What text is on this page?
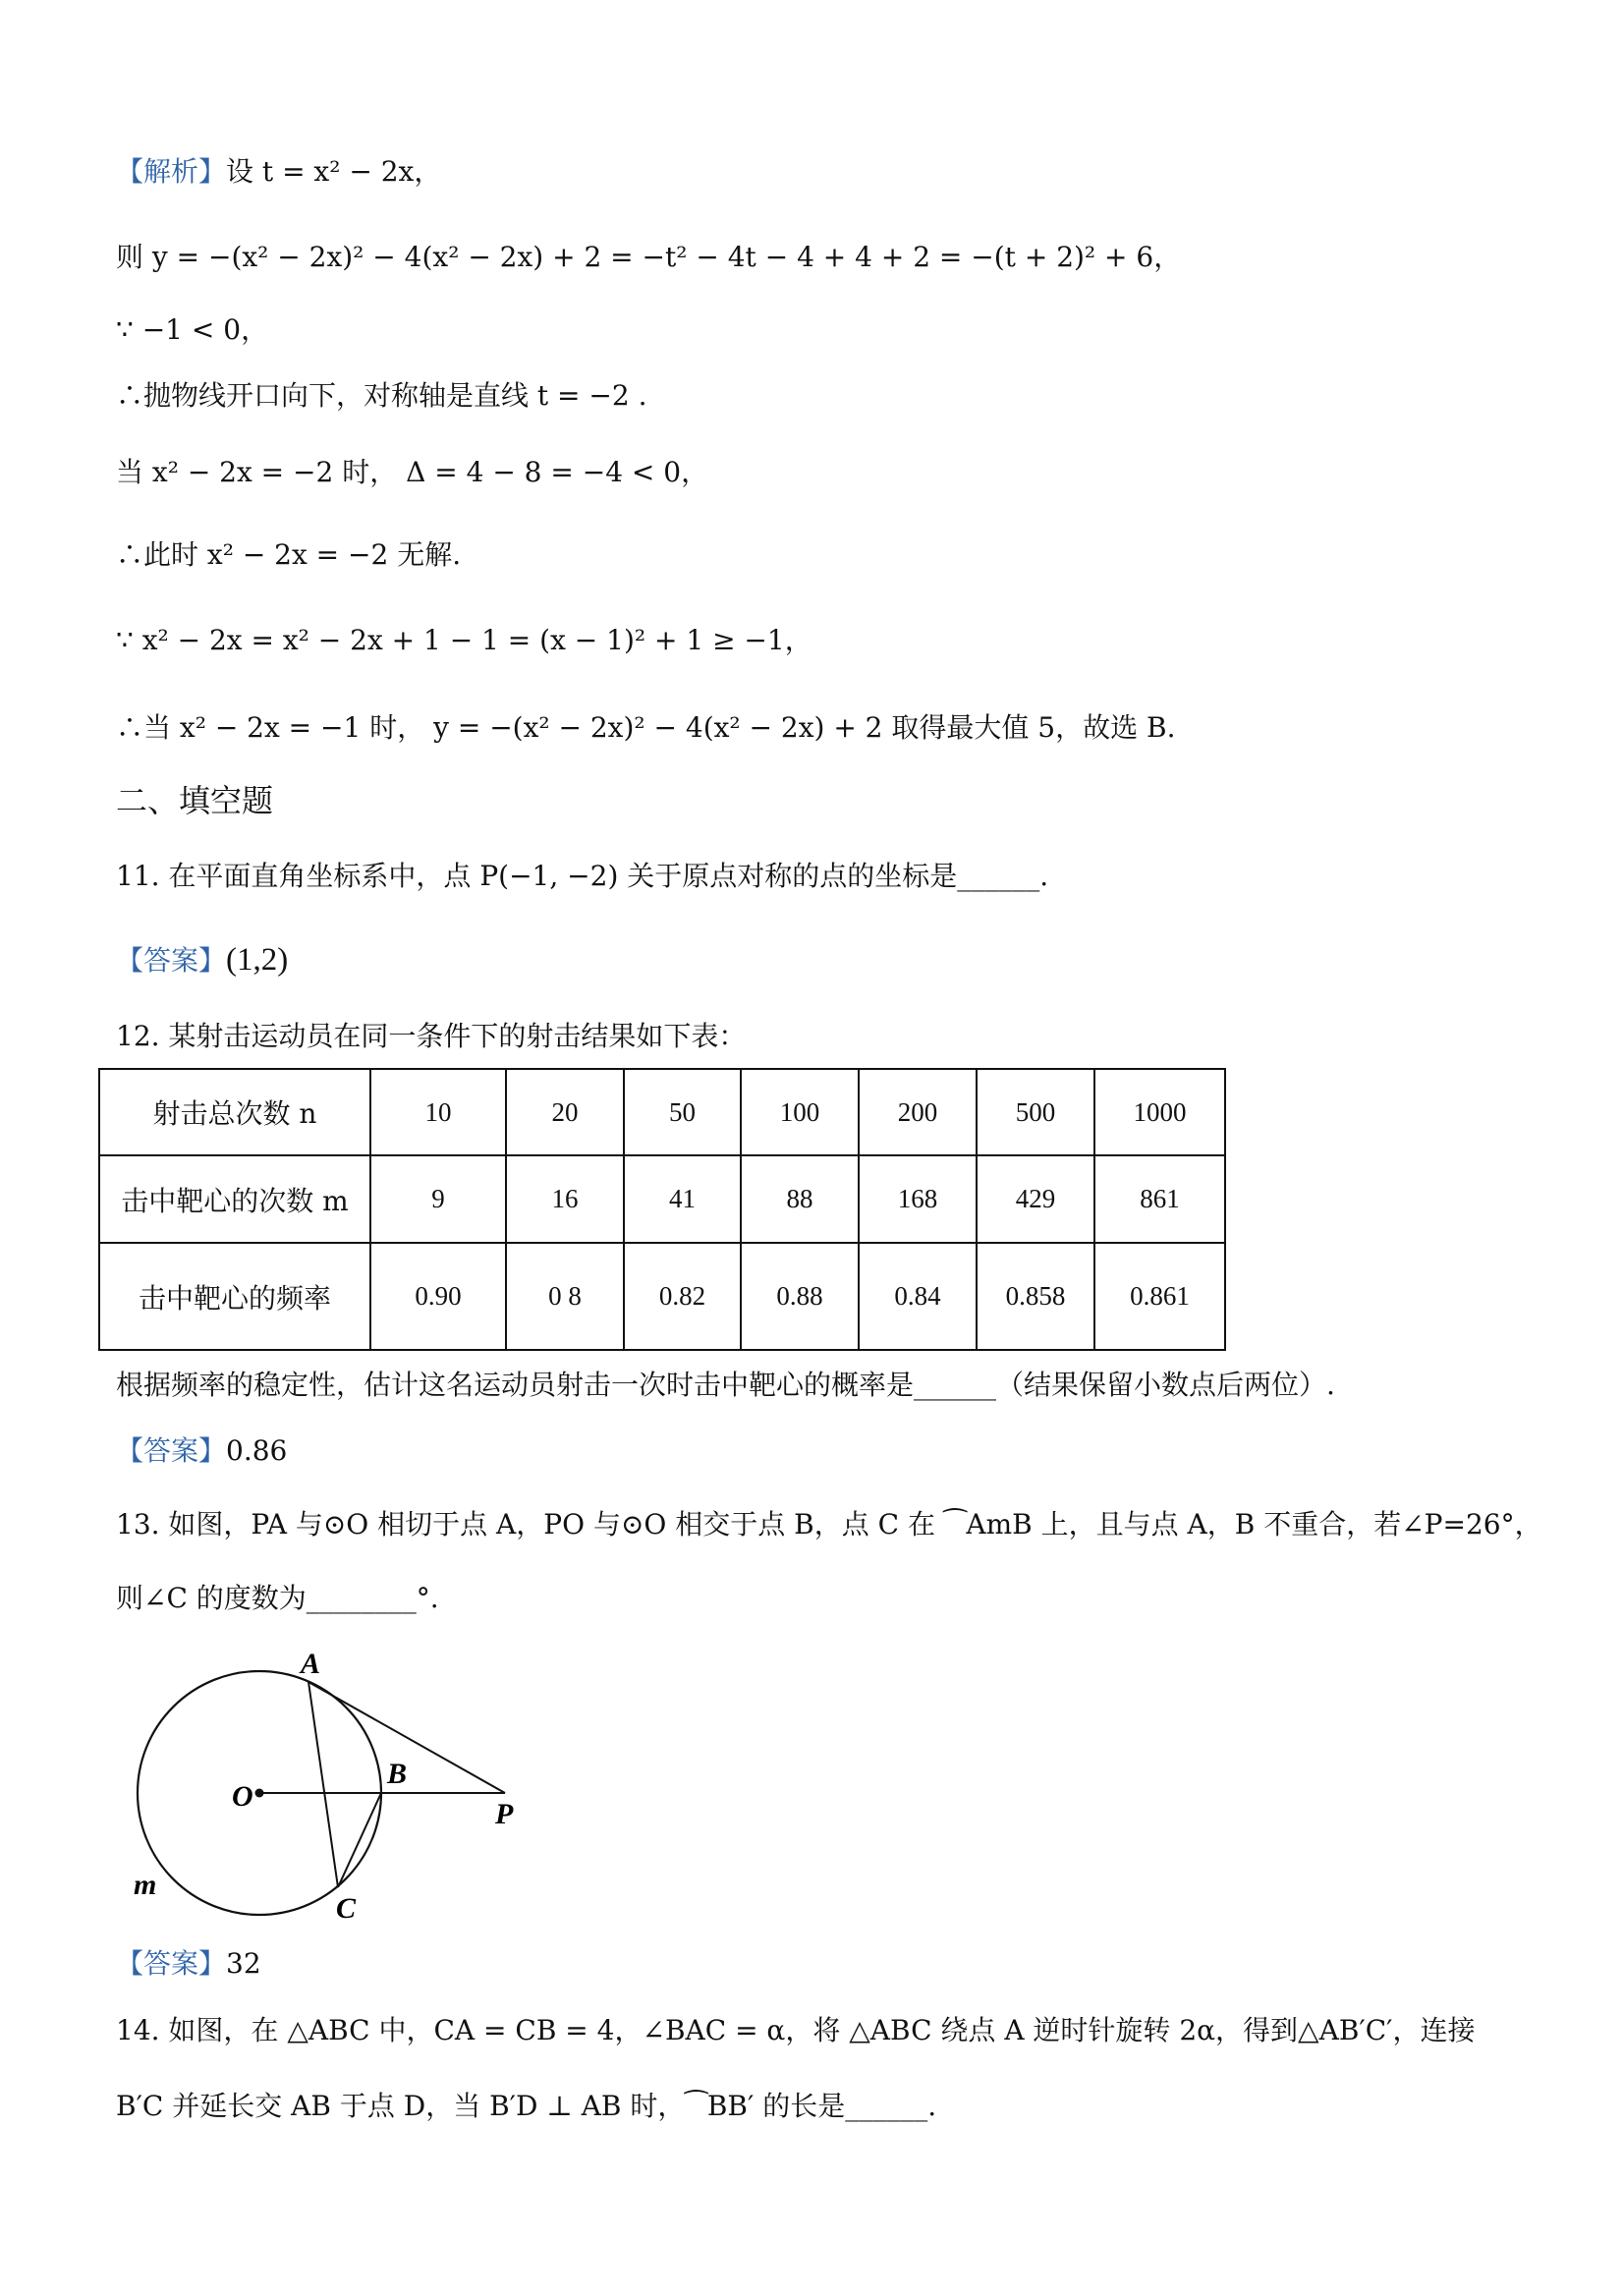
【解析】设 t = x² − 2x，
则 y = −(x² − 2x)² − 4(x² − 2x) + 2 = −t² − 4t − 4 + 4 + 2 = −(t + 2)² + 6，
∵ −1 < 0，
∴抛物线开口向下，对称轴是直线 t = −2 .
当 x² − 2x = −2 时， Δ = 4 − 8 = −4 < 0，
∴此时 x² − 2x = −2 无解.
∵ x² − 2x = x² − 2x + 1 − 1 = (x − 1)² + 1 ≥ −1，
∴当 x² − 2x = −1 时， y = −(x² − 2x)² − 4(x² − 2x) + 2 取得最大值 5，故选 B.
二、填空题
11. 在平面直角坐标系中，点 P(−1, −2) 关于原点对称的点的坐标是______.
【答案】(1,2)
12. 某射击运动员在同一条件下的射击结果如下表：
射击总次数 n	10	20	50	100	200	500	1000
击中靶心的次数 m	9	16	41	88	168	429	861
击中靶心的频率	0.90	0 8	0.82	0.88	0.84	0.858	0.861
根据频率的稳定性，估计这名运动员射击一次时击中靶心的概率是______（结果保留小数点后两位）.
【答案】0.86
13. 如图，PA 与⊙O 相切于点 A，PO 与⊙O 相交于点 B，点 C 在 ⁀AmB 上，且与点 A，B 不重合，若∠P=26°，
则∠C 的度数为________°.
A
B
O
P
C
m
【答案】32
14. 如图，在 △ABC 中，CA = CB = 4，∠BAC = α，将 △ABC 绕点 A 逆时针旋转 2α，得到△AB′C′，连接
B′C 并延长交 AB 于点 D，当 B′D ⊥ AB 时，⁀BB′ 的长是______.
